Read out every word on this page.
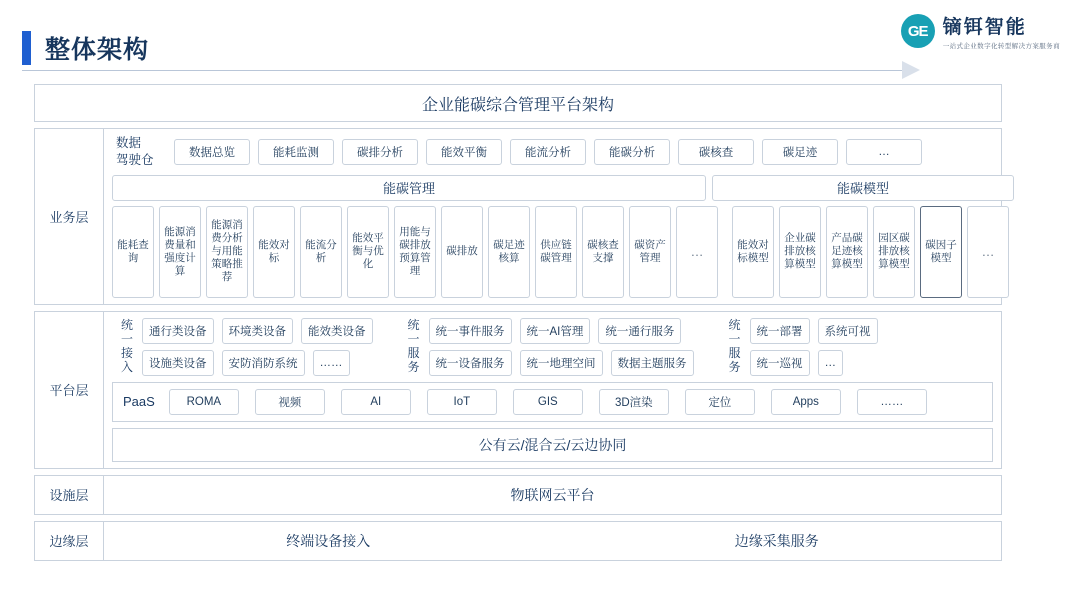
整体架构
GE 镝铒智能
一站式企业数字化转型解决方案服务商
企业能碳综合管理平台架构
业务层
数据
驾驶仓	数据总览	能耗监测	碳排分析	能效平衡	能流分析	能碳分析	碳核查	碳足迹	…
能碳管理	能碳模型
能耗查询
能源消费量和强度计算
能源消费分析与用能策略推荐
能效对标
能流分析
能效平衡与优化
用能与碳排放预算管理
碳排放
碳足迹核算
供应链碳管理
碳核查支撑
碳资产管理	…	能效对标模型
企业碳排放核算模型
产品碳足迹核算模型
园区碳排放核算模型
碳因子模型	…
平台层
统
一
接
入
通行类设备	环境类设备	能效类设备
设施类设备	安防消防系统	……
统
一
服
务
统一事件服务	统一AI管理	统一通行服务
统一设备服务	统一地理空间	数据主题服务
统
一
服
务
统一部署	系统可视
统一巡视	…
PaaS	ROMA	视频	AI	IoT	GIS	3D渲染	定位	Apps	……
公有云/混合云/云边协同
设施层	物联网云平台
边缘层	终端设备接入	边缘采集服务
